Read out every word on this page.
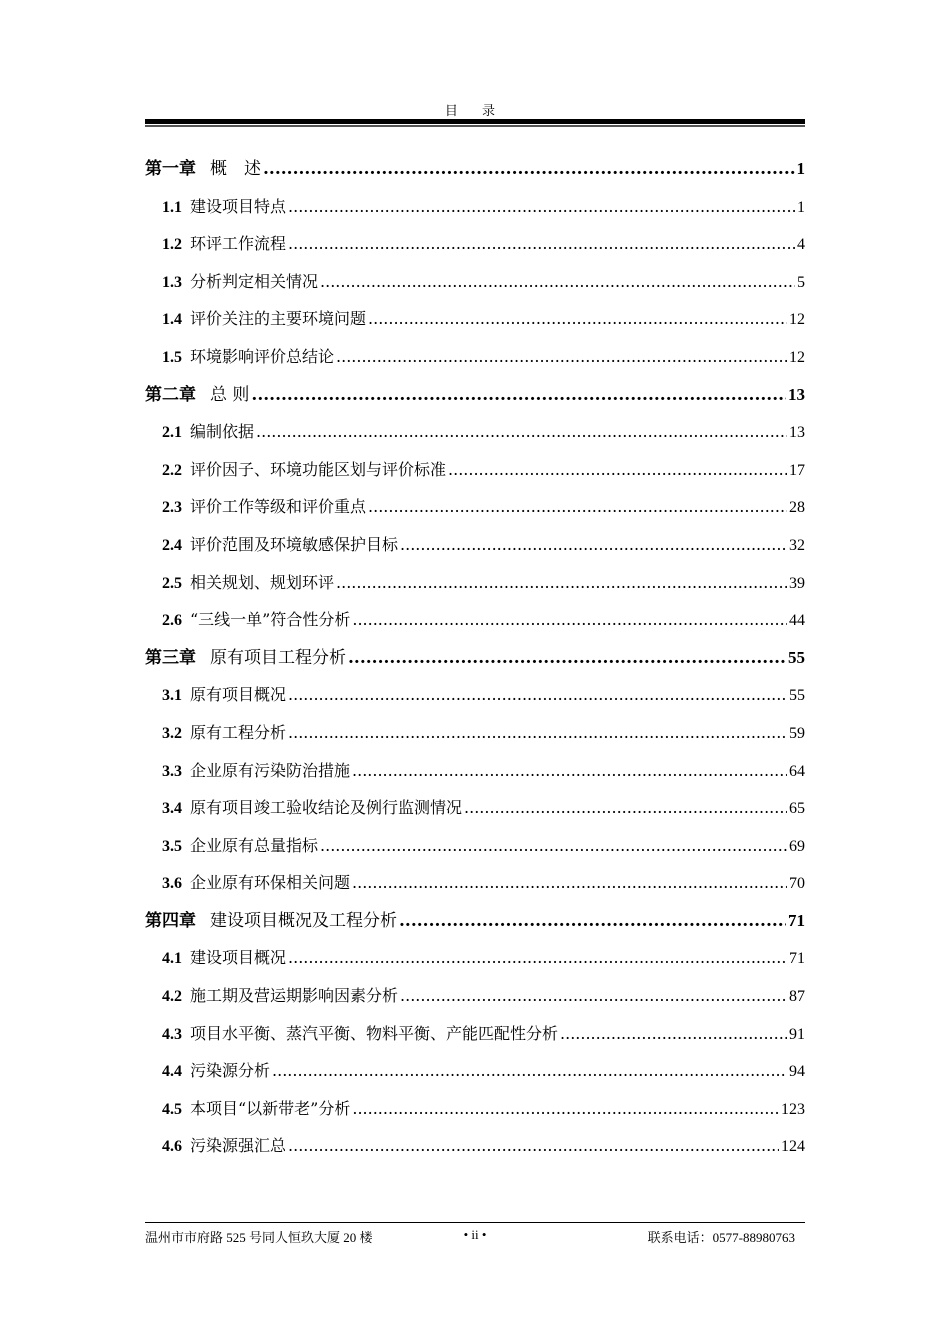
目 录
第一章 概　述 .....	1
1.1 建设项目特点 .....	1
1.2 环评工作流程 .....	4
1.3 分析判定相关情况 .....	5
1.4 评价关注的主要环境问题 .....	12
1.5 环境影响评价总结论 .....	12
第二章 总 则 .....	13
2.1 编制依据 .....	13
2.2 评价因子、环境功能区划与评价标准 .....	17
2.3 评价工作等级和评价重点 .....	28
2.4 评价范围及环境敏感保护目标 .....	32
2.5 相关规划、规划环评 .....	39
2.6 “三线一单”符合性分析 .....	44
第三章 原有项目工程分析 .....	55
3.1 原有项目概况 .....	55
3.2 原有工程分析 .....	59
3.3 企业原有污染防治措施 .....	64
3.4 原有项目竣工验收结论及例行监测情况 .....	65
3.5 企业原有总量指标 .....	69
3.6 企业原有环保相关问题 .....	70
第四章 建设项目概况及工程分析 .....	71
4.1 建设项目概况 .....	71
4.2 施工期及营运期影响因素分析 .....	87
4.3 项目水平衡、蒸汽平衡、物料平衡、产能匹配性分析 .....	91
4.4 污染源分析 .....	94
4.5 本项目“以新带老”分析 .....	123
4.6 污染源强汇总 .....	124
温州市市府路 525 号同人恒玖大厦 20 楼	• ii •	联系电话：0577-88980763
